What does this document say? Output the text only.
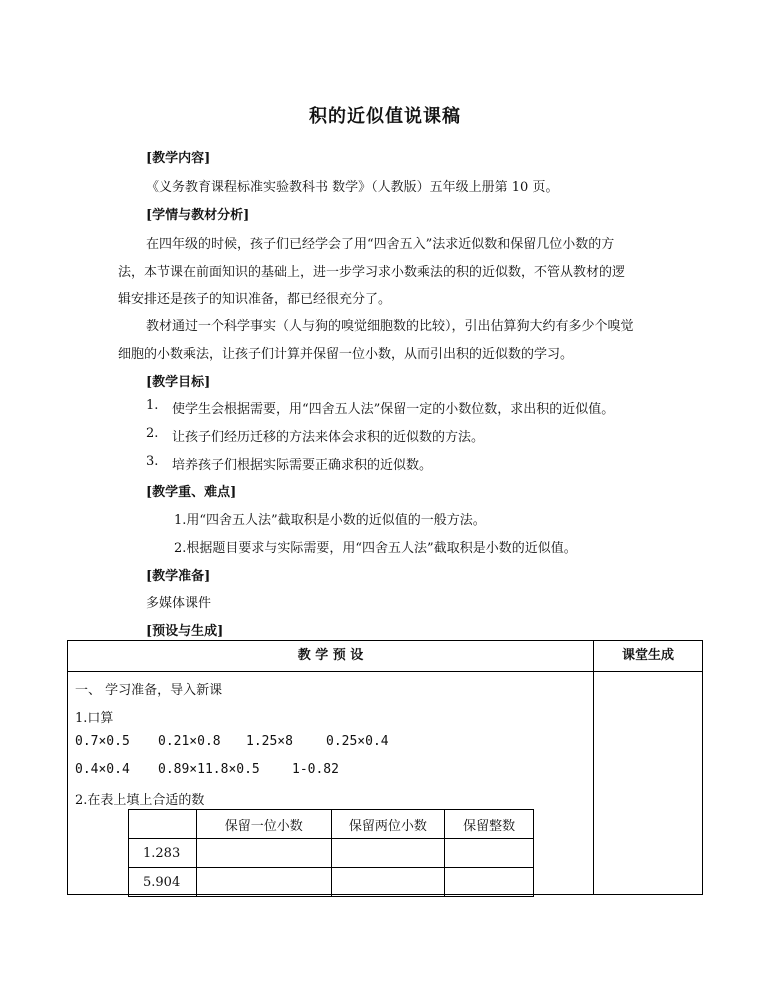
积的近似值说课稿
[教学内容]
《义务教育课程标准实验教科书 数学》（人教版）五年级上册第 10 页。
[学情与教材分析]
在四年级的时候，孩子们已经学会了用“四舍五入”法求近似数和保留几位小数的方
法，本节课在前面知识的基础上，进一步学习求小数乘法的积的近似数，不管从教材的逻
辑安排还是孩子的知识准备，都已经很充分了。
教材通过一个科学事实（人与狗的嗅觉细胞数的比较），引出估算狗大约有多少个嗅觉
细胞的小数乘法，让孩子们计算并保留一位小数，从而引出积的近似数的学习。
[教学目标]
1. 使学生会根据需要，用“四舍五人法”保留一定的小数位数，求出积的近似值。
2. 让孩子们经历迁移的方法来体会求积的近似数的方法。
3. 培养孩子们根据实际需要正确求积的近似数。
[教学重、难点]
1.用“四舍五人法”截取积是小数的近似值的一般方法。
2.根据题目要求与实际需要，用“四舍五人法”截取积是小数的近似值。
[教学准备]
多媒体课件
[预设与生成]
教 学 预 设	课堂生成
一、 学习准备，导入新课
1.口算
0.7×0.5 0.21×0.8 1.25×8	0.25×0.4
0.4×0.4 0.89×11.8×0.5 1-0.82
2.在表上填上合适的数
	保留一位小数	保留两位小数	保留整数
1.283			
5.904			
